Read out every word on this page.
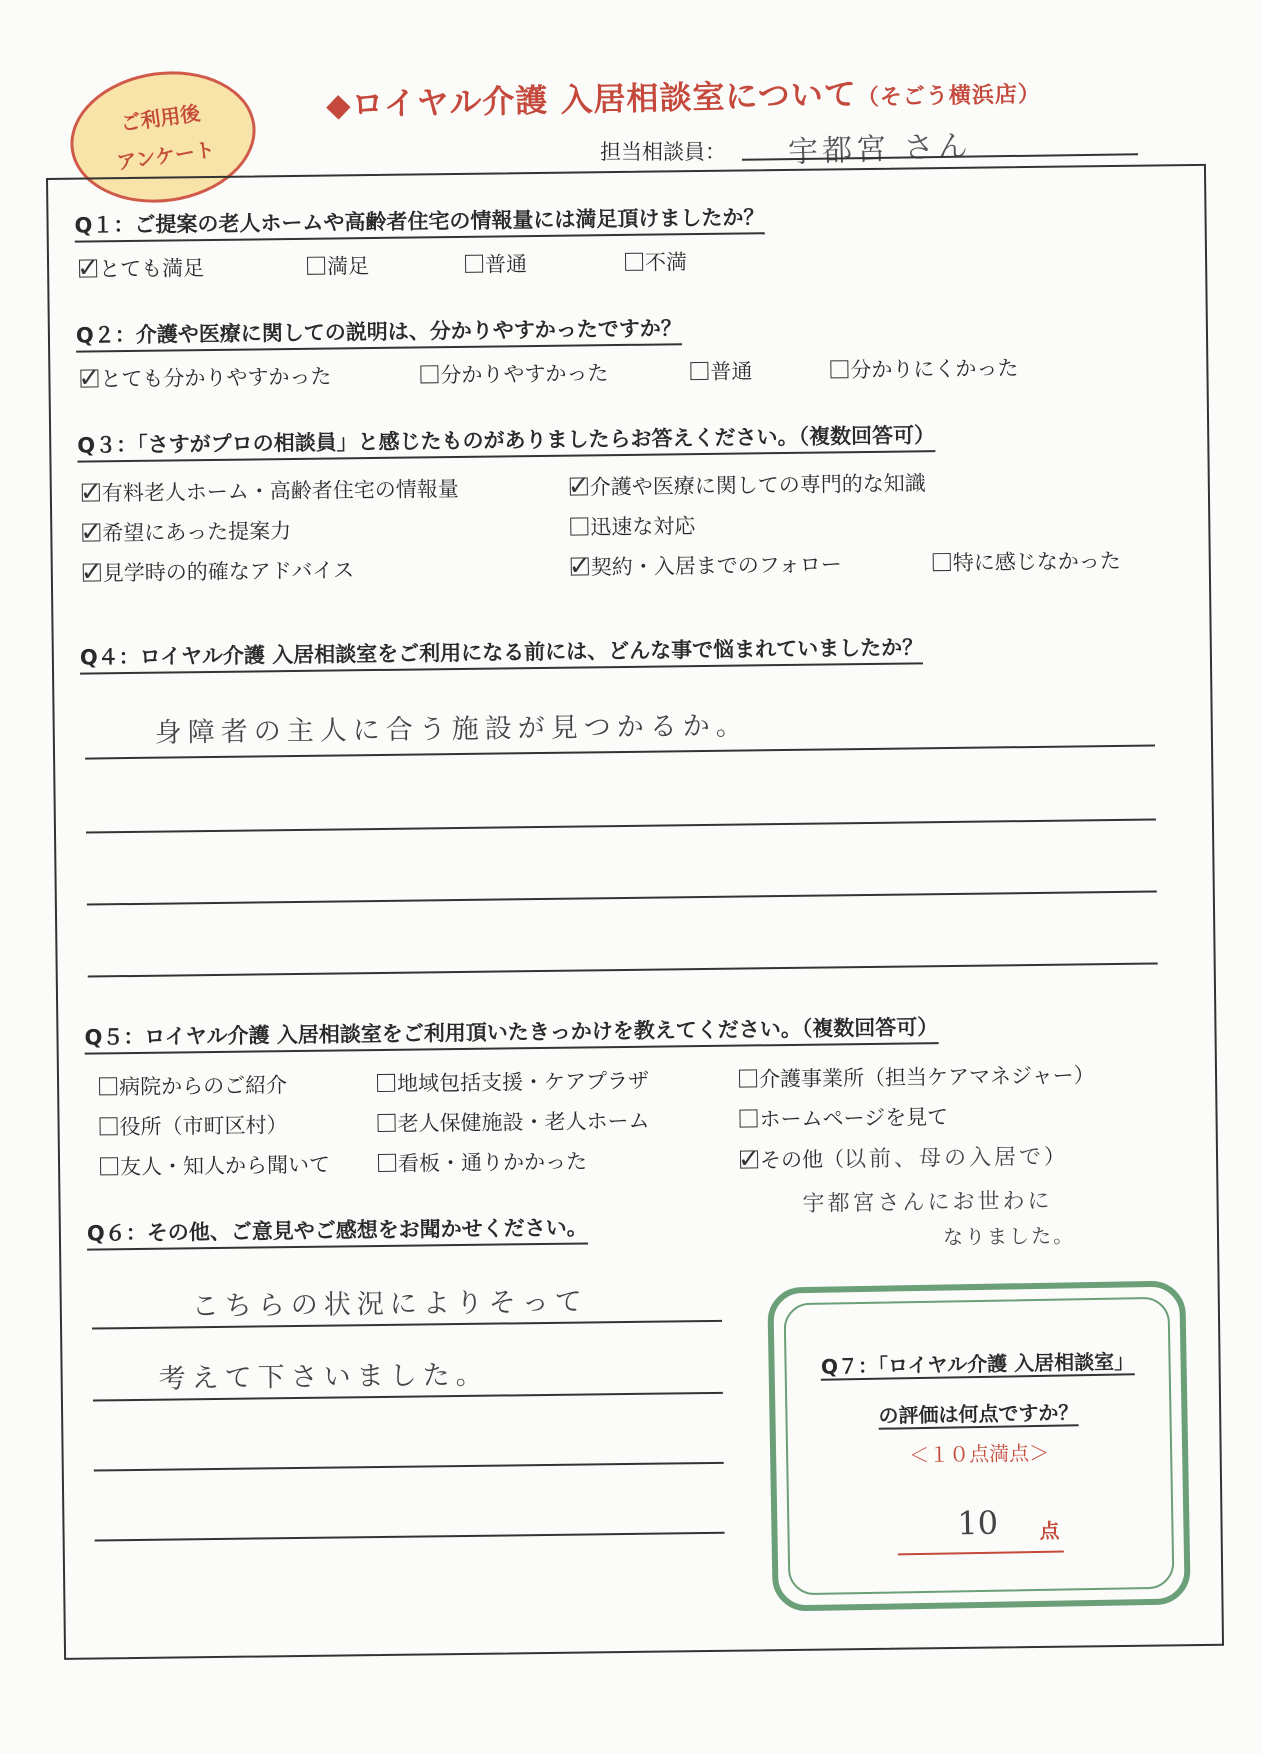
ご利用後
アンケート
◆ロイヤル介護 入居相談室について（そごう横浜店）
担当相談員： 宇都宮 さん
Q１：ご提案の老人ホームや高齢者住宅の情報量には満足頂けましたか？
✓とても満足	満足	普通	不満
Q２：介護や医療に関しての説明は、分かりやすかったですか？
✓とても分かりやすかった	分かりやすかった	普通	分かりにくかった
Q３：「さすがプロの相談員」と感じたものがありましたらお答えください。（複数回答可）
✓有料老人ホーム・高齢者住宅の情報量
✓希望にあった提案力
✓見学時の的確なアドバイス
✓介護や医療に関しての専門的な知識
迅速な対応
✓契約・入居までのフォロー	特に感じなかった
Q４：ロイヤル介護 入居相談室をご利用になる前には、どんな事で悩まれていましたか？
身障者の主人に合う施設が見つかるか。
Q５：ロイヤル介護 入居相談室をご利用頂いたきっかけを教えてください。（複数回答可）
病院からのご紹介
役所（市町区村）
友人・知人から聞いて
地域包括支援・ケアプラザ
老人保健施設・老人ホーム
看板・通りかかった
介護事業所（担当ケアマネジャー）
ホームページを見て
✓その他（以前、母の入居で）
宇都宮さんにお世わに
なりました。
Q６：その他、ご意見やご感想をお聞かせください。
こちらの状況によりそって
考えて下さいました。	Q７：「ロイヤル介護 入居相談室」
の評価は何点ですか？
＜１０点満点＞
10 点
